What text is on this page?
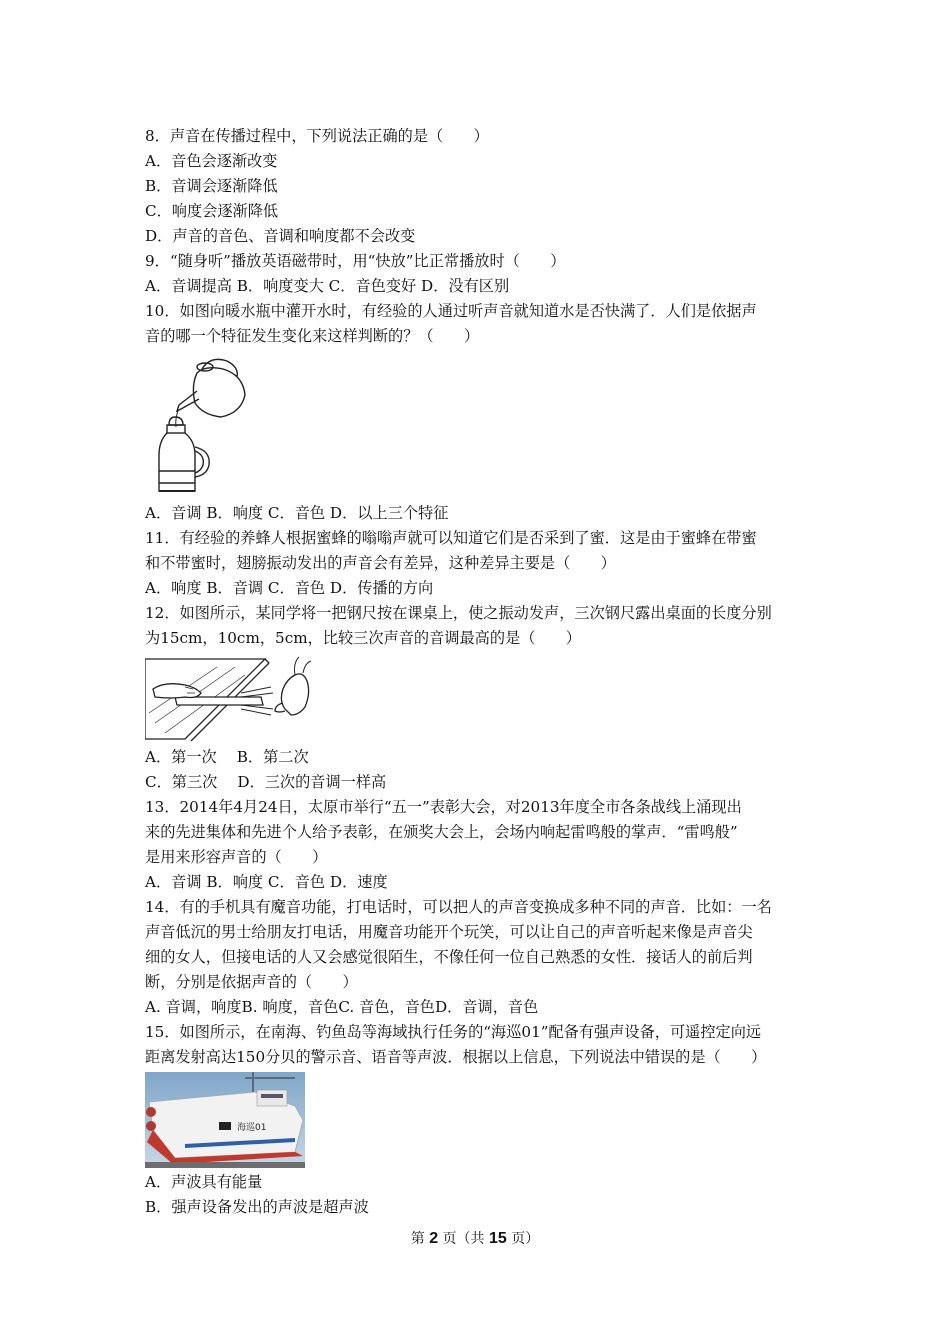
8．声音在传播过程中，下列说法正确的是（　　）
A．音色会逐渐改变
B．音调会逐渐降低
C．响度会逐渐降低
D．声音的音色、音调和响度都不会改变
9．“随身听”播放英语磁带时，用“快放”比正常播放时（　　）
A．音调提高 B．响度变大 C．音色变好 D．没有区别
10．如图向暖水瓶中灌开水时，有经验的人通过听声音就知道水是否快满了．人们是依据声
音的哪一个特征发生变化来这样判断的？（　　）
A．音调 B．响度 C．音色 D．以上三个特征
11．有经验的养蜂人根据蜜蜂的嗡嗡声就可以知道它们是否采到了蜜．这是由于蜜蜂在带蜜
和不带蜜时，翅膀振动发出的声音会有差异，这种差异主要是（　　）
A．响度 B．音调 C．音色 D．传播的方向
12．如图所示，某同学将一把钢尺按在课桌上，使之振动发声，三次钢尺露出桌面的长度分别
为15cm，10cm，5cm，比较三次声音的音调最高的是（　　）
A．第一次　 B．第二次
C．第三次　 D．三次的音调一样高
13．2014年4月24日，太原市举行“五一”表彰大会，对2013年度全市各条战线上涌现出
来的先进集体和先进个人给予表彰，在颁奖大会上，会场内响起雷鸣般的掌声．“雷鸣般”
是用来形容声音的（　　）
A．音调 B．响度 C．音色 D．速度
14．有的手机具有魔音功能，打电话时，可以把人的声音变换成多种不同的声音．比如：一名
声音低沉的男士给朋友打电话，用魔音功能开个玩笑，可以让自己的声音听起来像是声音尖
细的女人，但接电话的人又会感觉很陌生，不像任何一位自己熟悉的女性．接话人的前后判
断，分别是依据声音的（　　）
A. 音调，响度B. 响度，音色C. 音色，音色D．音调，音色
15．如图所示，在南海、钓鱼岛等海域执行任务的“海巡01”配备有强声设备，可遥控定向远
距离发射高达150分贝的警示音、语音等声波．根据以上信息，下列说法中错误的是（　　）
海巡01
A．声波具有能量
B．强声设备发出的声波是超声波
第 2 页（共 15 页）
